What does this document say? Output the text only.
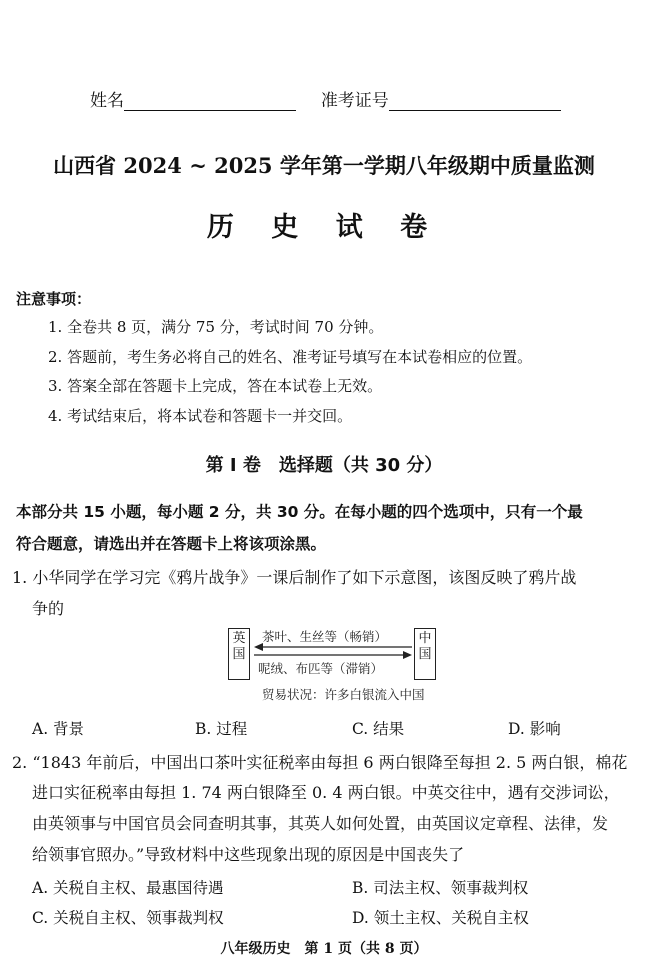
姓名	准考证号
山西省 2024 ~ 2025 学年第一学期八年级期中质量监测
历 史 试 卷
注意事项：
1. 全卷共 8 页，满分 75 分，考试时间 70 分钟。
2. 答题前，考生务必将自己的姓名、准考证号填写在本试卷相应的位置。
3. 答案全部在答题卡上完成，答在本试卷上无效。
4. 考试结束后，将本试卷和答题卡一并交回。
第 Ⅰ 卷　选择题（共 30 分）
本部分共 15 小题，每小题 2 分，共 30 分。在每小题的四个选项中，只有一个最
符合题意，请选出并在答题卡上将该项涂黑。
1. 小华同学在学习完《鸦片战争》一课后制作了如下示意图，该图反映了鸦片战
争的
英国
中国
茶叶、生丝等（畅销）
呢绒、布匹等（滞销）
贸易状况：许多白银流入中国
A. 背景	B. 过程	C. 结果	D. 影响
2. “1843 年前后，中国出口茶叶实征税率由每担 6 两白银降至每担 2. 5 两白银，棉花
进口实征税率由每担 1. 74 两白银降至 0. 4 两白银。中英交往中，遇有交涉词讼，
由英领事与中国官员会同查明其事，其英人如何处置，由英国议定章程、法律，发
给领事官照办。”导致材料中这些现象出现的原因是中国丧失了
A. 关税自主权、最惠国待遇	B. 司法主权、领事裁判权
C. 关税自主权、领事裁判权	D. 领土主权、关税自主权
八年级历史　第 1 页（共 8 页）
